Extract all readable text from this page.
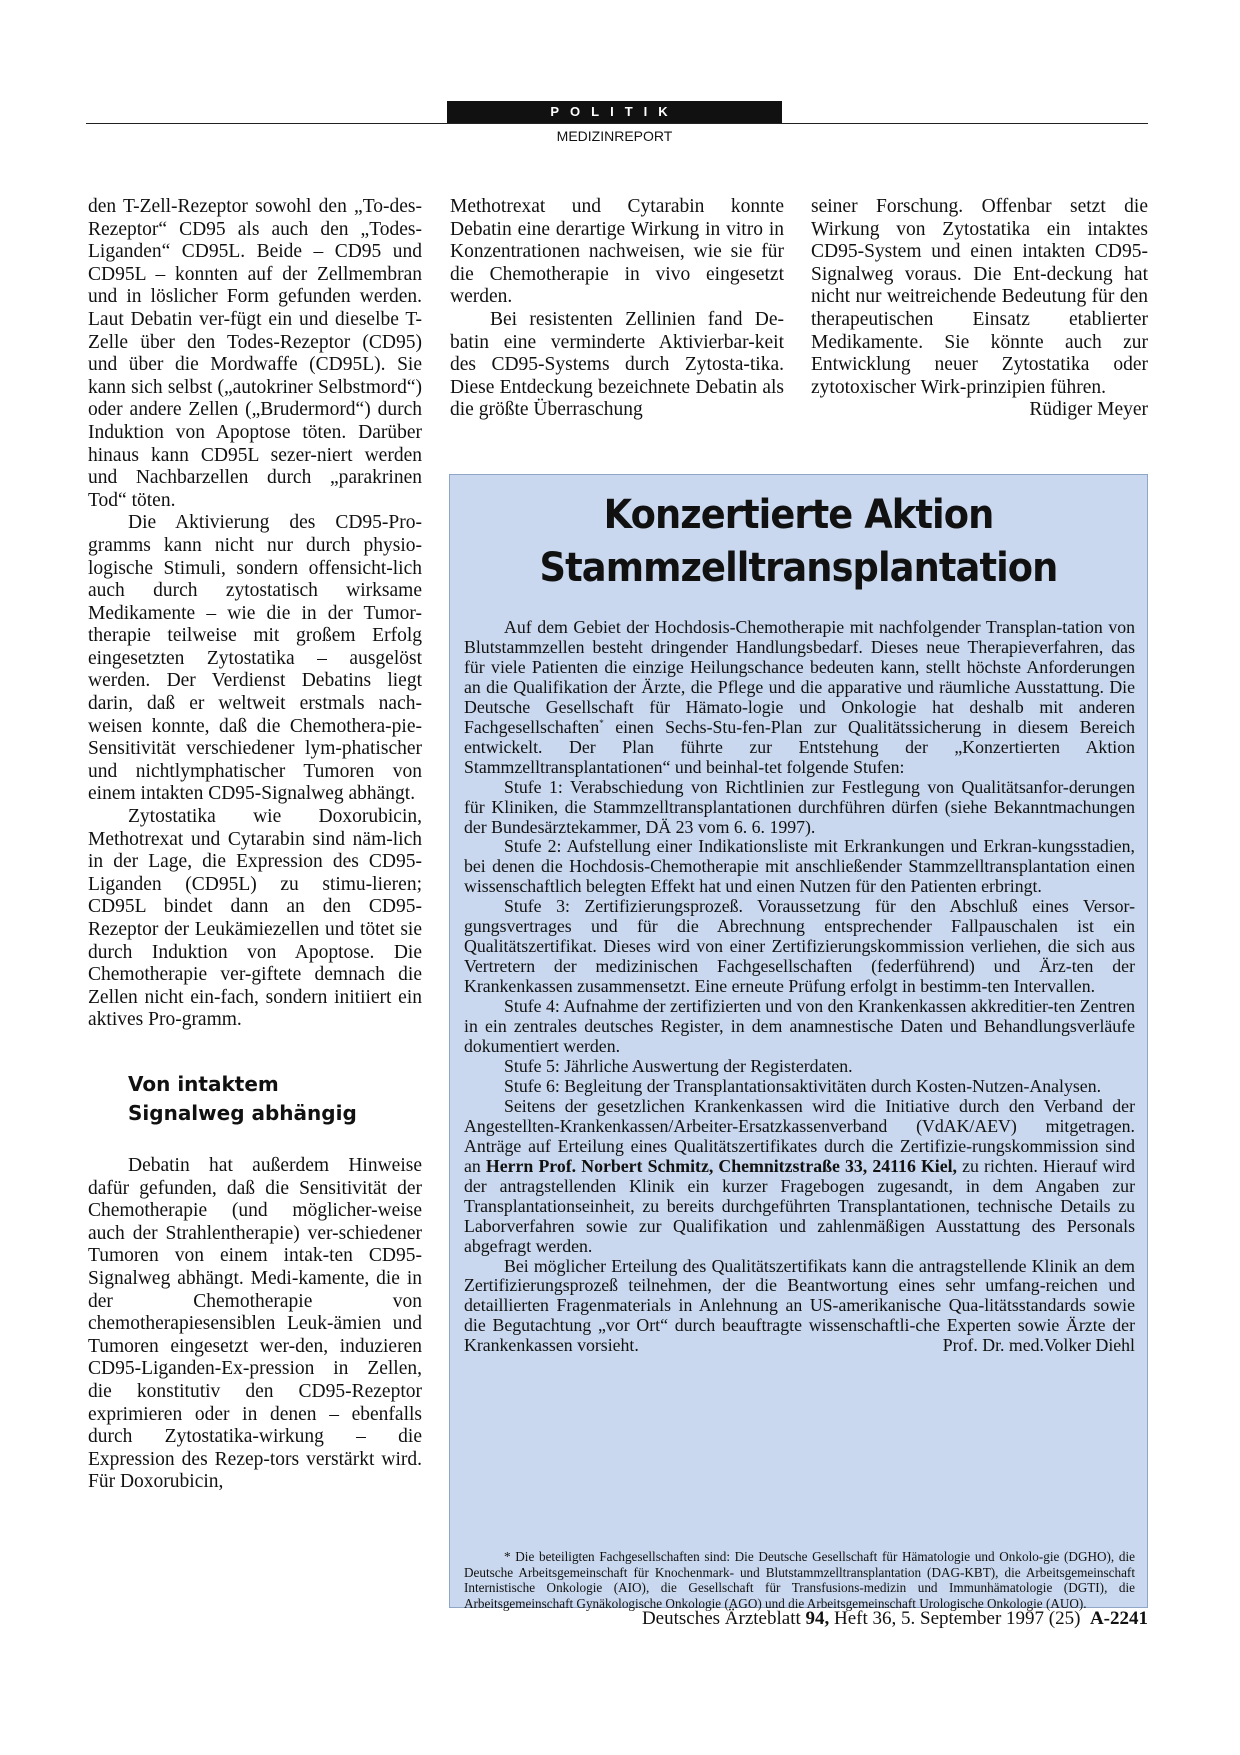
POLITIK
MEDIZINREPORT

den T-Zell-Rezeptor sowohl den „To-des-Rezeptor“ CD95 als auch den „Todes-Liganden“ CD95L. Beide – CD95 und CD95L – konnten auf der Zellmembran und in löslicher Form gefunden werden. Laut Debatin ver-fügt ein und dieselbe T-Zelle über den Todes-Rezeptor (CD95) und über die Mordwaffe (CD95L). Sie kann sich selbst („autokriner Selbstmord“) oder andere Zellen („Brudermord“) durch Induktion von Apoptose töten. Darüber hinaus kann CD95L sezer-niert werden und Nachbarzellen durch „parakrinen Tod“ töten.

Die Aktivierung des CD95-Pro-gramms kann nicht nur durch physio-logische Stimuli, sondern offensicht-lich auch durch zytostatisch wirksame Medikamente – wie die in der Tumor-therapie teilweise mit großem Erfolg eingesetzten Zytostatika – ausgelöst werden. Der Verdienst Debatins liegt darin, daß er weltweit erstmals nach-weisen konnte, daß die Chemothera-pie-Sensitivität verschiedener lym-phatischer und nichtlymphatischer Tumoren von einem intakten CD95-Signalweg abhängt.

Zytostatika wie Doxorubicin, Methotrexat und Cytarabin sind näm-lich in der Lage, die Expression des CD95-Liganden (CD95L) zu stimu-lieren; CD95L bindet dann an den CD95-Rezeptor der Leukämiezellen und tötet sie durch Induktion von Apoptose. Die Chemotherapie ver-giftete demnach die Zellen nicht ein-fach, sondern initiiert ein aktives Pro-gramm.

Von intaktem
Signalweg abhängig

Debatin hat außerdem Hinweise dafür gefunden, daß die Sensitivität der Chemotherapie (und möglicher-weise auch der Strahlentherapie) ver-schiedener Tumoren von einem intak-ten CD95-Signalweg abhängt. Medi-kamente, die in der Chemotherapie von chemotherapiesensiblen Leuk-ämien und Tumoren eingesetzt wer-den, induzieren CD95-Liganden-Ex-pression in Zellen, die konstitutiv den CD95-Rezeptor exprimieren oder in denen – ebenfalls durch Zytostatika-wirkung – die Expression des Rezep-tors verstärkt wird. Für Doxorubicin,

Methotrexat und Cytarabin konnte Debatin eine derartige Wirkung in vitro in Konzentrationen nachweisen, wie sie für die Chemotherapie in vivo eingesetzt werden.

Bei resistenten Zellinien fand De-batin eine verminderte Aktivierbar-keit des CD95-Systems durch Zytosta-tika. Diese Entdeckung bezeichnete Debatin als die größte Überraschung

seiner Forschung. Offenbar setzt die Wirkung von Zytostatika ein intaktes CD95-System und einen intakten CD95-Signalweg voraus. Die Ent-deckung hat nicht nur weitreichende Bedeutung für den therapeutischen Einsatz etablierter Medikamente. Sie könnte auch zur Entwicklung neuer Zytostatika oder zytotoxischer Wirk-prinzipien führen.
Rüdiger Meyer

Konzertierte Aktion
Stammzelltransplantation

Auf dem Gebiet der Hochdosis-Chemotherapie mit nachfolgender Transplan-tation von Blutstammzellen besteht dringender Handlungsbedarf. Dieses neue Therapieverfahren, das für viele Patienten die einzige Heilungschance bedeuten kann, stellt höchste Anforderungen an die Qualifikation der Ärzte, die Pflege und die apparative und räumliche Ausstattung. Die Deutsche Gesellschaft für Hämato-logie und Onkologie hat deshalb mit anderen Fachgesellschaften* einen Sechs-Stu-fen-Plan zur Qualitätssicherung in diesem Bereich entwickelt. Der Plan führte zur Entstehung der „Konzertierten Aktion Stammzelltransplantationen“ und beinhal-tet folgende Stufen:

Stufe 1: Verabschiedung von Richtlinien zur Festlegung von Qualitätsanfor-derungen für Kliniken, die Stammzelltransplantationen durchführen dürfen (siehe Bekanntmachungen der Bundesärztekammer, DÄ 23 vom 6. 6. 1997).

Stufe 2: Aufstellung einer Indikationsliste mit Erkrankungen und Erkran-kungsstadien, bei denen die Hochdosis-Chemotherapie mit anschließender Stammzelltransplantation einen wissenschaftlich belegten Effekt hat und einen Nutzen für den Patienten erbringt.

Stufe 3: Zertifizierungsprozeß. Voraussetzung für den Abschluß eines Versor-gungsvertrages und für die Abrechnung entsprechender Fallpauschalen ist ein Qualitätszertifikat. Dieses wird von einer Zertifizierungskommission verliehen, die sich aus Vertretern der medizinischen Fachgesellschaften (federführend) und Ärz-ten der Krankenkassen zusammensetzt. Eine erneute Prüfung erfolgt in bestimm-ten Intervallen.

Stufe 4: Aufnahme der zertifizierten und von den Krankenkassen akkreditier-ten Zentren in ein zentrales deutsches Register, in dem anamnestische Daten und Behandlungsverläufe dokumentiert werden.

Stufe 5: Jährliche Auswertung der Registerdaten.

Stufe 6: Begleitung der Transplantationsaktivitäten durch Kosten-Nutzen-Analysen.

Seitens der gesetzlichen Krankenkassen wird die Initiative durch den Verband der Angestellten-Krankenkassen/Arbeiter-Ersatzkassenverband (VdAK/AEV) mitgetragen. Anträge auf Erteilung eines Qualitätszertifikates durch die Zertifizie-rungskommission sind an Herrn Prof. Norbert Schmitz, Chemnitzstraße 33, 24116 Kiel, zu richten. Hierauf wird der antragstellenden Klinik ein kurzer Fragebogen zugesandt, in dem Angaben zur Transplantationseinheit, zu bereits durchgeführten Transplantationen, technische Details zu Laborverfahren sowie zur Qualifikation und zahlenmäßigen Ausstattung des Personals abgefragt werden.

Bei möglicher Erteilung des Qualitätszertifikats kann die antragstellende Klinik an dem Zertifizierungsprozeß teilnehmen, der die Beantwortung eines sehr umfang-reichen und detaillierten Fragenmaterials in Anlehnung an US-amerikanische Qua-litätsstandards sowie die Begutachtung „vor Ort“ durch beauftragte wissenschaftli-che Experten sowie Ärzte der Krankenkassen vorsieht.	Prof. Dr. med.Volker Diehl

* Die beteiligten Fachgesellschaften sind: Die Deutsche Gesellschaft für Hämatologie und Onkolo-gie (DGHO), die Deutsche Arbeitsgemeinschaft für Knochenmark- und Blutstammzelltransplantation (DAG-KBT), die Arbeitsgemeinschaft Internistische Onkologie (AIO), die Gesellschaft für Transfusions-medizin und Immunhämatologie (DGTI), die Arbeitsgemeinschaft Gynäkologische Onkologie (AGO) und die Arbeitsgemeinschaft Urologische Onkologie (AUO).

Deutsches Ärzteblatt 94, Heft 36, 5. September 1997 (25) A-2241
